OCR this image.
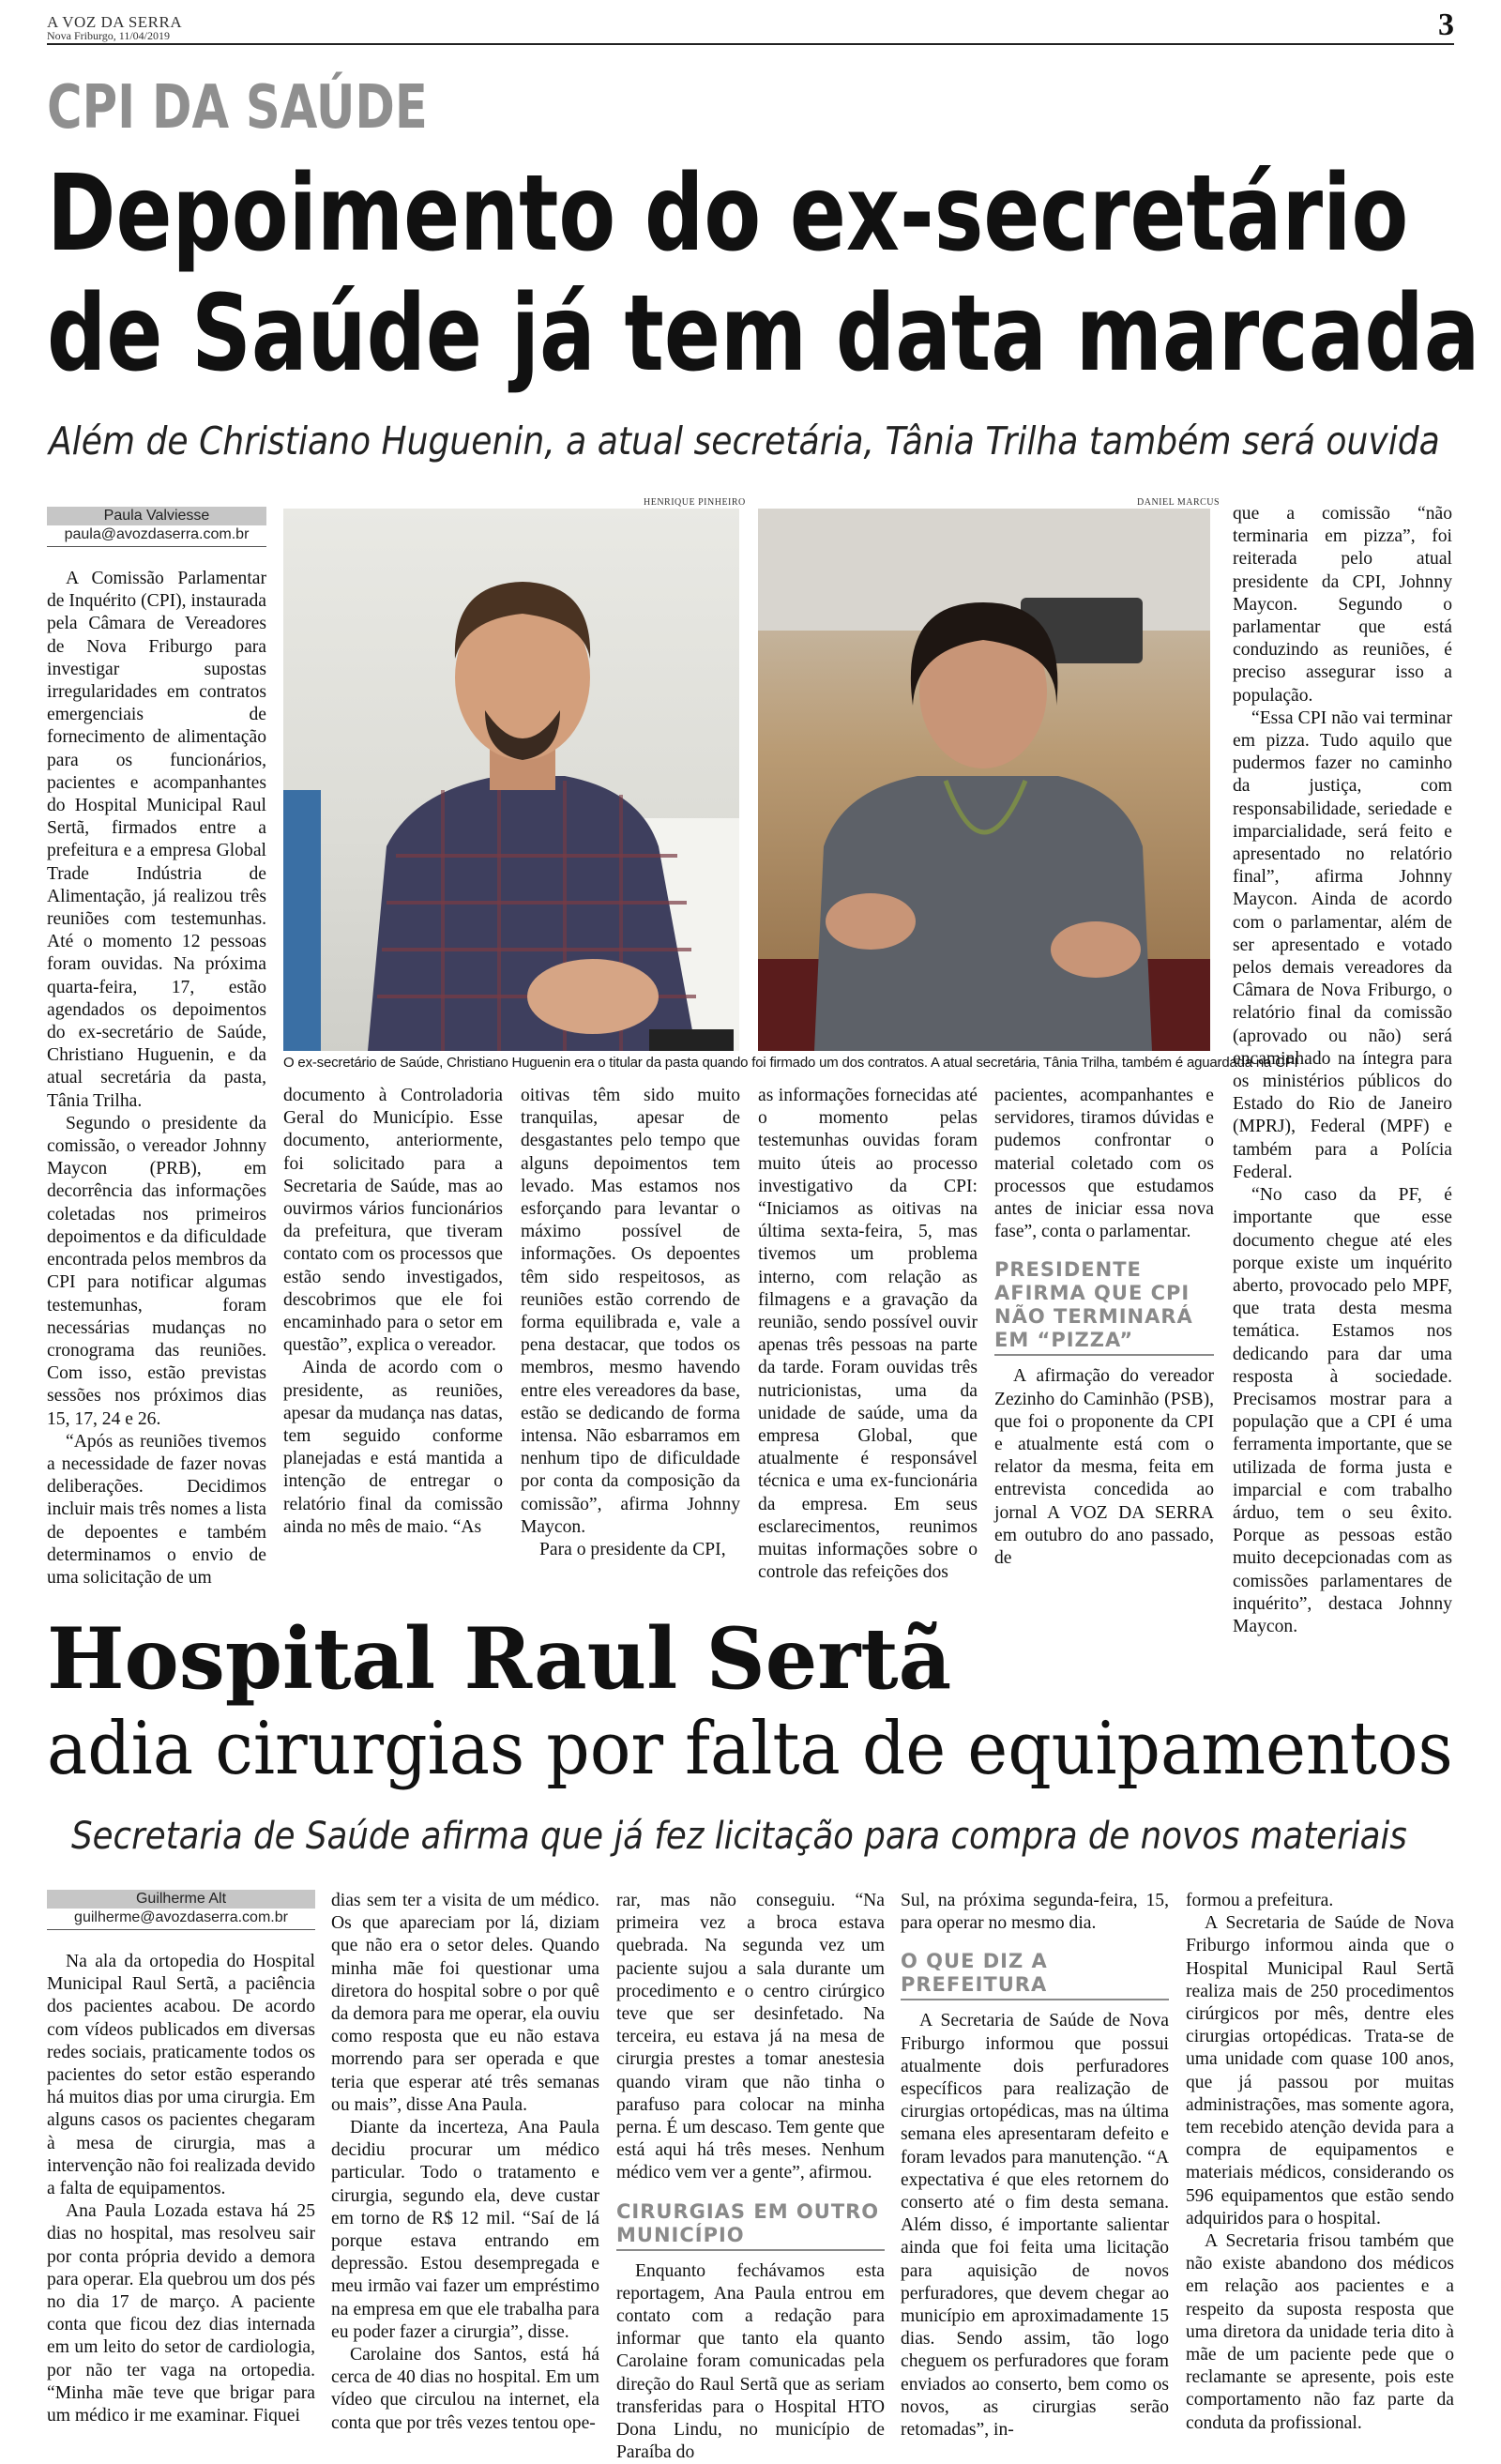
A VOZ DA SERRA
Nova Friburgo, 11/04/2019	3
CPI DA SAÚDE
Depoimento do ex-secretário
de Saúde já tem data marcada
Além de Christiano Huguenin, a atual secretária, Tânia Trilha também será ouvida
Paula Valviesse
paula@avozdaserra.com.br

A Comissão Parlamentar de Inquérito (CPI), instaurada pela Câmara de Vereadores de Nova Friburgo para investigar supostas irregularidades em contratos emergenciais de fornecimento de alimentação para os funcionários, pacientes e acompanhantes do Hospital Municipal Raul Sertã, firmados entre a prefeitura e a empresa Global Trade Indústria de Alimentação, já realizou três reuniões com testemunhas. Até o momento 12 pessoas foram ouvidas. Na próxima quarta-feira, 17, estão agendados os depoimentos do ex-secretário de Saúde, Christiano Huguenin, e da atual secretária da pasta, Tânia Trilha.

Segundo o presidente da comissão, o vereador Johnny Maycon (PRB), em decorrência das informações coletadas nos primeiros depoimentos e da dificuldade encontrada pelos membros da CPI para notificar algumas testemunhas, foram necessárias mudanças no cronograma das reuniões. Com isso, estão previstas sessões nos próximos dias 15, 17, 24 e 26.

“Após as reuniões tivemos a necessidade de fazer novas deliberações. Decidimos incluir mais três nomes a lista de depoentes e também determinamos o envio de uma solicitação de um

HENRIQUE PINHEIRO	DANIEL MARCUS
O ex-secretário de Saúde, Christiano Huguenin era o titular da pasta quando foi firmado um dos contratos. A atual secretária, Tânia Trilha, também é aguardada na CPI

documento à Controladoria Geral do Município. Esse documento, anteriormente, foi solicitado para a Secretaria de Saúde, mas ao ouvirmos vários funcionários da prefeitura, que tiveram contato com os processos que estão sendo investigados, descobrimos que ele foi encaminhado para o setor em questão”, explica o vereador.

Ainda de acordo com o presidente, as reuniões, apesar da mudança nas datas, tem seguido conforme planejadas e está mantida a intenção de entregar o relatório final da comissão ainda no mês de maio. “As

oitivas têm sido muito tranquilas, apesar de desgastantes pelo tempo que alguns depoimentos tem levado. Mas estamos nos esforçando para levantar o máximo possível de informações. Os depoentes têm sido respeitosos, as reuniões estão correndo de forma equilibrada e, vale a pena destacar, que todos os membros, mesmo havendo entre eles vereadores da base, estão se dedicando de forma intensa. Não esbarramos em nenhum tipo de dificuldade por conta da composição da comissão”, afirma Johnny Maycon.

Para o presidente da CPI,

as informações fornecidas até o momento pelas testemunhas ouvidas foram muito úteis ao processo investigativo da CPI: “Iniciamos as oitivas na última sexta-feira, 5, mas tivemos um problema interno, com relação as filmagens e a gravação da reunião, sendo possível ouvir apenas três pessoas na parte da tarde. Foram ouvidas três nutricionistas, uma da unidade de saúde, uma da empresa Global, que atualmente é responsável técnica e uma ex-funcionária da empresa. Em seus esclarecimentos, reunimos muitas informações sobre o controle das refeições dos

pacientes, acompanhantes e servidores, tiramos dúvidas e pudemos confrontar o material coletado com os processos que estudamos antes de iniciar essa nova fase”, conta o parlamentar.

PRESIDENTE AFIRMA QUE CPI NÃO TERMINARÁ EM “PIZZA”

A afirmação do vereador Zezinho do Caminhão (PSB), que foi o proponente da CPI e atualmente está com o relator da mesma, feita em entrevista concedida ao jornal A VOZ DA SERRA em outubro do ano passado, de

que a comissão “não terminaria em pizza”, foi reiterada pelo atual presidente da CPI, Johnny Maycon. Segundo o parlamentar que está conduzindo as reuniões, é preciso assegurar isso a população.

“Essa CPI não vai terminar em pizza. Tudo aquilo que pudermos fazer no caminho da justiça, com responsabilidade, seriedade e imparcialidade, será feito e apresentado no relatório final”, afirma Johnny Maycon. Ainda de acordo com o parlamentar, além de ser apresentado e votado pelos demais vereadores da Câmara de Nova Friburgo, o relatório final da comissão (aprovado ou não) será encaminhado na íntegra para os ministérios públicos do Estado do Rio de Janeiro (MPRJ), Federal (MPF) e também para a Polícia Federal.

“No caso da PF, é importante que esse documento chegue até eles porque existe um inquérito aberto, provocado pelo MPF, que trata desta mesma temática. Estamos nos dedicando para dar uma resposta à sociedade. Precisamos mostrar para a população que a CPI é uma ferramenta importante, que se utilizada de forma justa e imparcial e com trabalho árduo, tem o seu êxito. Porque as pessoas estão muito decepcionadas com as comissões parlamentares de inquérito”, destaca Johnny Maycon.

Hospital Raul Sertã
adia cirurgias por falta de equipamentos
Secretaria de Saúde afirma que já fez licitação para compra de novos materiais
Guilherme Alt
guilherme@avozdaserra.com.br

Na ala da ortopedia do Hospital Municipal Raul Sertã, a paciência dos pacientes acabou. De acordo com vídeos publicados em diversas redes sociais, praticamente todos os pacientes do setor estão esperando há muitos dias por uma cirurgia. Em alguns casos os pacientes chegaram à mesa de cirurgia, mas a intervenção não foi realizada devido a falta de equipamentos.

Ana Paula Lozada estava há 25 dias no hospital, mas resolveu sair por conta própria devido a demora para operar. Ela quebrou um dos pés no dia 17 de março. A paciente conta que ficou dez dias internada em um leito do setor de cardiologia, por não ter vaga na ortopedia. “Minha mãe teve que brigar para um médico ir me examinar. Fiquei

dias sem ter a visita de um médico. Os que apareciam por lá, diziam que não era o setor deles. Quando minha mãe foi questionar uma diretora do hospital sobre o por quê da demora para me operar, ela ouviu como resposta que eu não estava morrendo para ser operada e que teria que esperar até três semanas ou mais”, disse Ana Paula.

Diante da incerteza, Ana Paula decidiu procurar um médico particular. Todo o tratamento e cirurgia, segundo ela, deve custar em torno de R$ 12 mil. “Saí de lá porque estava entrando em depressão. Estou desempregada e meu irmão vai fazer um empréstimo na empresa em que ele trabalha para eu poder fazer a cirurgia”, disse.

Carolaine dos Santos, está há cerca de 40 dias no hospital. Em um vídeo que circulou na internet, ela conta que por três vezes tentou ope-

rar, mas não conseguiu. “Na primeira vez a broca estava quebrada. Na segunda vez um paciente sujou a sala durante um procedimento e o centro cirúrgico teve que ser desinfetado. Na terceira, eu estava já na mesa de cirurgia prestes a tomar anestesia quando viram que não tinha o parafuso para colocar na minha perna. É um descaso. Tem gente que está aqui há três meses. Nenhum médico vem ver a gente”, afirmou.

CIRURGIAS EM OUTRO MUNICÍPIO

Enquanto fechávamos esta reportagem, Ana Paula entrou em contato com a redação para informar que tanto ela quanto Carolaine foram comunicadas pela direção do Raul Sertã que as seriam transferidas para o Hospital HTO Dona Lindu, no município de Paraíba do

Sul, na próxima segunda-feira, 15, para operar no mesmo dia.

O QUE DIZ A PREFEITURA

A Secretaria de Saúde de Nova Friburgo informou que possui atualmente dois perfuradores específicos para realização de cirurgias ortopédicas, mas na última semana eles apresentaram defeito e foram levados para manutenção. “A expectativa é que eles retornem do conserto até o fim desta semana. Além disso, é importante salientar ainda que foi feita uma licitação para aquisição de novos perfuradores, que devem chegar ao município em aproximadamente 15 dias. Sendo assim, tão logo cheguem os perfuradores que foram enviados ao conserto, bem como os novos, as cirurgias serão retomadas”, in-

formou a prefeitura.

A Secretaria de Saúde de Nova Friburgo informou ainda que o Hospital Municipal Raul Sertã realiza mais de 250 procedimentos cirúrgicos por mês, dentre eles cirurgias ortopédicas. Trata-se de uma unidade com quase 100 anos, que já passou por muitas administrações, mas somente agora, tem recebido atenção devida para a compra de equipamentos e materiais médicos, considerando os 596 equipamentos que estão sendo adquiridos para o hospital.

A Secretaria frisou também que não existe abandono dos médicos em relação aos pacientes e a respeito da suposta resposta que uma diretora da unidade teria dito à mãe de um paciente pede que o reclamante se apresente, pois este comportamento não faz parte da conduta da profissional.
